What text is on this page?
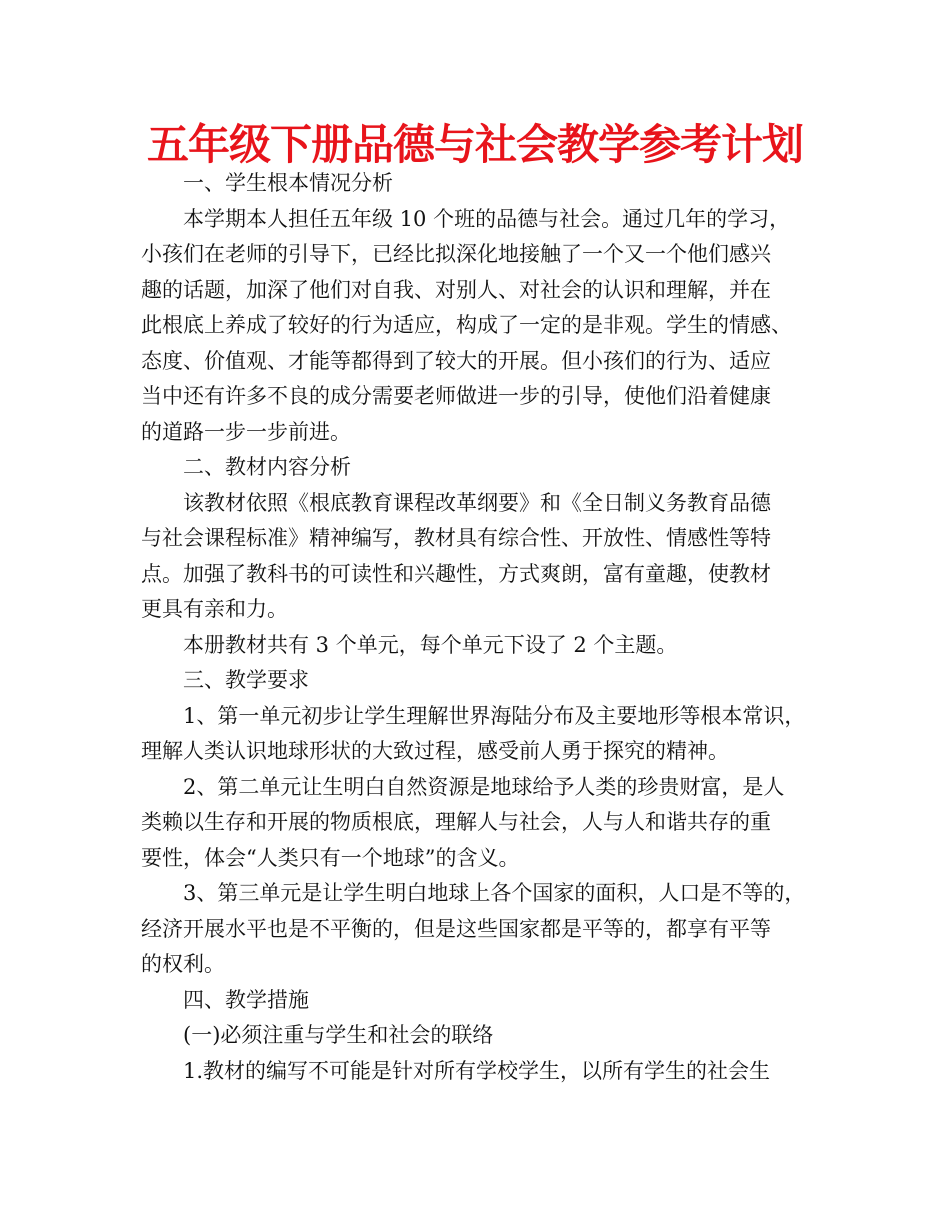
五年级下册品德与社会教学参考计划
一、学生根本情况分析
本学期本人担任五年级 10 个班的品德与社会。通过几年的学习，
小孩们在老师的引导下，已经比拟深化地接触了一个又一个他们感兴
趣的话题，加深了他们对自我、对别人、对社会的认识和理解，并在
此根底上养成了较好的行为适应，构成了一定的是非观。学生的情感、
态度、价值观、才能等都得到了较大的开展。但小孩们的行为、适应
当中还有许多不良的成分需要老师做进一步的引导，使他们沿着健康
的道路一步一步前进。
二、教材内容分析
该教材依照《根底教育课程改革纲要》和《全日制义务教育品德
与社会课程标准》精神编写，教材具有综合性、开放性、情感性等特
点。加强了教科书的可读性和兴趣性，方式爽朗，富有童趣，使教材
更具有亲和力。
本册教材共有 3 个单元，每个单元下设了 2 个主题。
三、教学要求
1、第一单元初步让学生理解世界海陆分布及主要地形等根本常识，
理解人类认识地球形状的大致过程，感受前人勇于探究的精神。
2、第二单元让生明白自然资源是地球给予人类的珍贵财富，是人
类赖以生存和开展的物质根底，理解人与社会，人与人和谐共存的重
要性，体会“人类只有一个地球”的含义。
3、第三单元是让学生明白地球上各个国家的面积，人口是不等的，
经济开展水平也是不平衡的，但是这些国家都是平等的，都享有平等
的权利。
四、教学措施
(一)必须注重与学生和社会的联络
1.教材的编写不可能是针对所有学校学生，以所有学生的社会生
